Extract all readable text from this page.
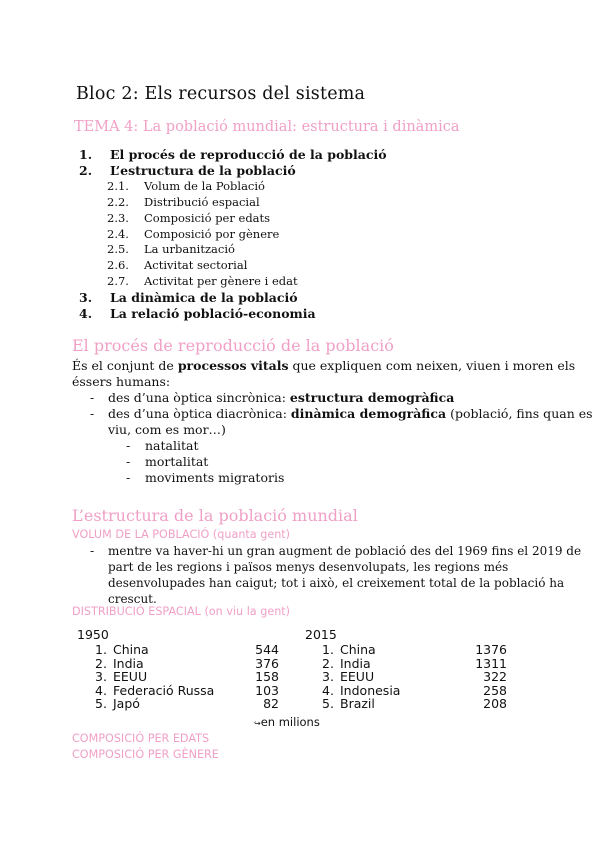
Bloc 2: Els recursos del sistema
TEMA 4: La població mundial: estructura i dinàmica
1. El procés de reproducció de la població
2. L’estructura de la població
2.1. Volum de la Població
2.2. Distribució espacial
2.3. Composició per edats
2.4. Composició por gènere
2.5. La urbanització
2.6. Activitat sectorial
2.7. Activitat per gènere i edat
3. La dinàmica de la població
4. La relació població-economia
El procés de reproducció de la població
És el conjunt de processos vitals que expliquen com neixen, viuen i moren els
éssers humans:
- des d’una òptica sincrònica: estructura demogràfica
- des d’una òptica diacrònica: dinàmica demogràfica (població, fins quan es
viu, com es mor…)
- natalitat
- mortalitat
- moviments migratoris
L’estructura de la població mundial
VOLUM DE LA POBLACIÓ (quanta gent)
- mentre va haver-hi un gran augment de població des del 1969 fins el 2019 de
part de les regions i països menys desenvolupats, les regions més
desenvolupades han caigut; tot i això, el creixement total de la població ha
crescut.
DISTRIBUCIÓ ESPACIAL (on viu la gent)
1950	2015
1. China	544
2. India	376
3. EEUU	158
4. Federació Russa	103
5. Japó	82
1. China	1376
2. India	1311
3. EEUU	322
4. Indonesia	258
5. Brazil	208
↪en milions
COMPOSICIÓ PER EDATS
COMPOSICIÓ PER GÈNERE
